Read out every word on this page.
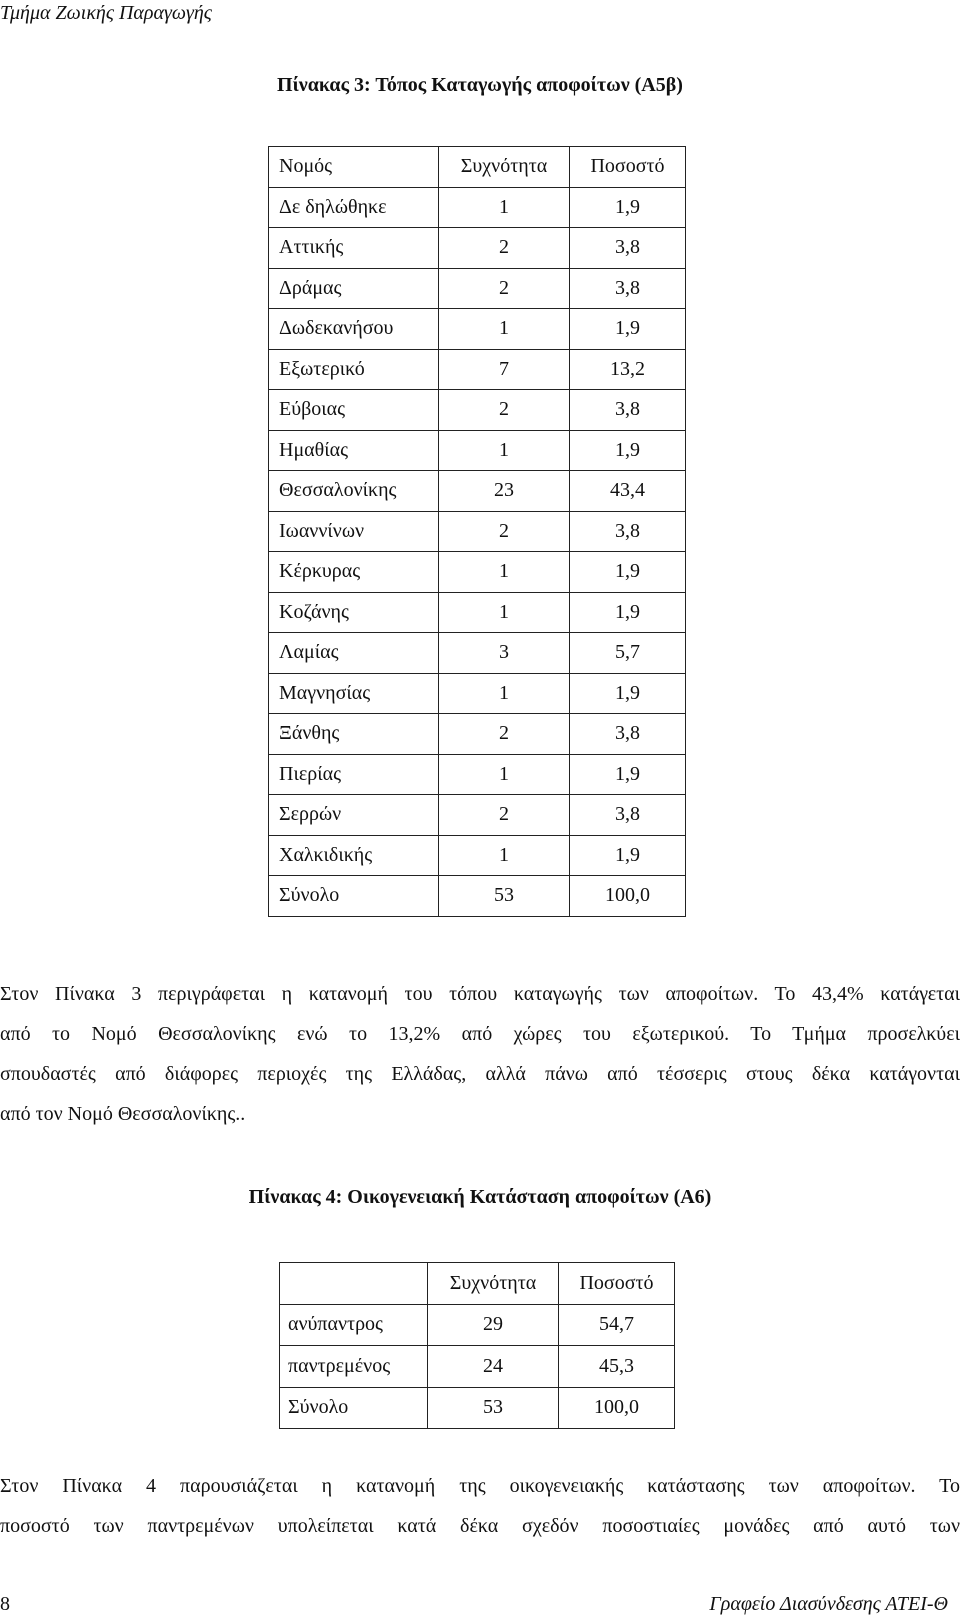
Τμήμα Ζωικής Παραγωγής
Πίνακας 3: Τόπος Καταγωγής αποφοίτων (Α5β)
Νομός	Συχνότητα	Ποσοστό
Δε δηλώθηκε	1	1,9
Αττικής	2	3,8
Δράμας	2	3,8
Δωδεκανήσου	1	1,9
Εξωτερικό	7	13,2
Εύβοιας	2	3,8
Ημαθίας	1	1,9
Θεσσαλονίκης	23	43,4
Ιωαννίνων	2	3,8
Κέρκυρας	1	1,9
Κοζάνης	1	1,9
Λαμίας	3	5,7
Μαγνησίας	1	1,9
Ξάνθης	2	3,8
Πιερίας	1	1,9
Σερρών	2	3,8
Χαλκιδικής	1	1,9
Σύνολο	53	100,0
Στον Πίνακα 3 περιγράφεται η κατανομή του τόπου καταγωγής των αποφοίτων. Το 43,4% κατάγεται
από το Νομό Θεσσαλονίκης ενώ το 13,2% από χώρες του εξωτερικού. Το Τμήμα προσελκύει
σπουδαστές από διάφορες περιοχές της Ελλάδας, αλλά πάνω από τέσσερις στους δέκα κατάγονται
από τον Νομό Θεσσαλονίκης..
Πίνακας 4: Οικογενειακή Κατάσταση αποφοίτων (Α6)
	Συχνότητα	Ποσοστό
ανύπαντρος	29	54,7
παντρεμένος	24	45,3
Σύνολο	53	100,0
Στον Πίνακα 4 παρουσιάζεται η κατανομή της οικογενειακής κατάστασης των αποφοίτων. Το
ποσοστό των παντρεμένων υπολείπεται κατά δέκα σχεδόν ποσοστιαίες μονάδες από αυτό των
8	Γραφείο Διασύνδεσης ΑΤΕΙ-Θ
